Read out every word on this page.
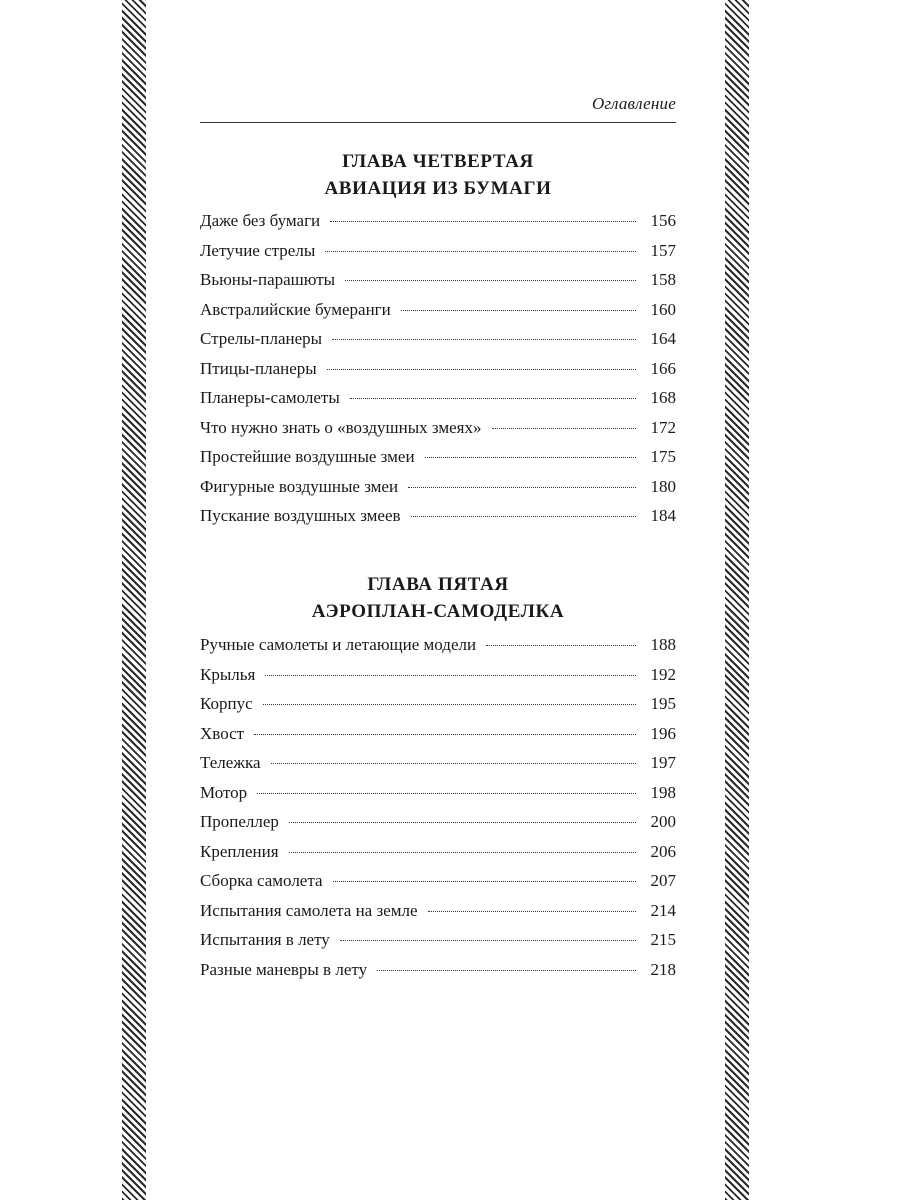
Оглавление
ГЛАВА ЧЕТВЕРТАЯ
АВИАЦИЯ ИЗ БУМАГИ
Даже без бумаги	156
Летучие стрелы	157
Вьюны-парашюты	158
Австралийские бумеранги	160
Стрелы-планеры	164
Птицы-планеры	166
Планеры-самолеты	168
Что нужно знать о «воздушных змеях»	172
Простейшие воздушные змеи	175
Фигурные воздушные змеи	180
Пускание воздушных змеев	184
ГЛАВА ПЯТАЯ
АЭРОПЛАН-САМОДЕЛКА
Ручные самолеты и летающие модели	188
Крылья	192
Корпус	195
Хвост	196
Тележка	197
Мотор	198
Пропеллер	200
Крепления	206
Сборка самолета	207
Испытания самолета на земле	214
Испытания в лету	215
Разные маневры в лету	218
